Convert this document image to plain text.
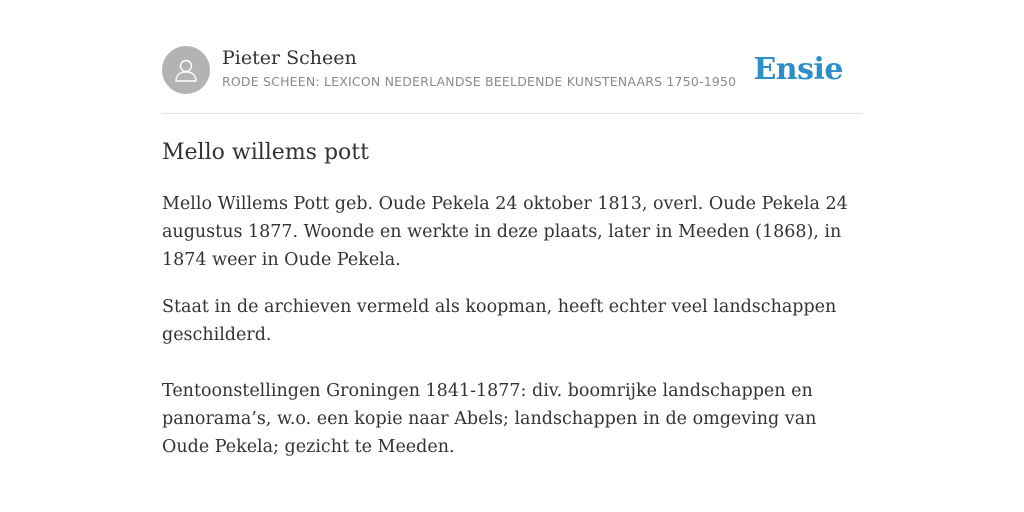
Pieter Scheen
RODE SCHEEN: LEXICON NEDERLANDSE BEELDENDE KUNSTENAARS 1750-1950 Ensie
Mello willems pott

Mello Willems Pott geb. Oude Pekela 24 oktober 1813, overl. Oude Pekela 24 augustus 1877. Woonde en werkte in deze plaats, later in Meeden (1868), in 1874 weer in Oude Pekela.

Staat in de archieven vermeld als koopman, heeft echter veel landschappen geschilderd.

Tentoonstellingen Groningen 1841-1877: div. boomrijke landschappen en panorama’s, w.o. een kopie naar Abels; landschappen in de omgeving van Oude Pekela; gezicht te Meeden.
